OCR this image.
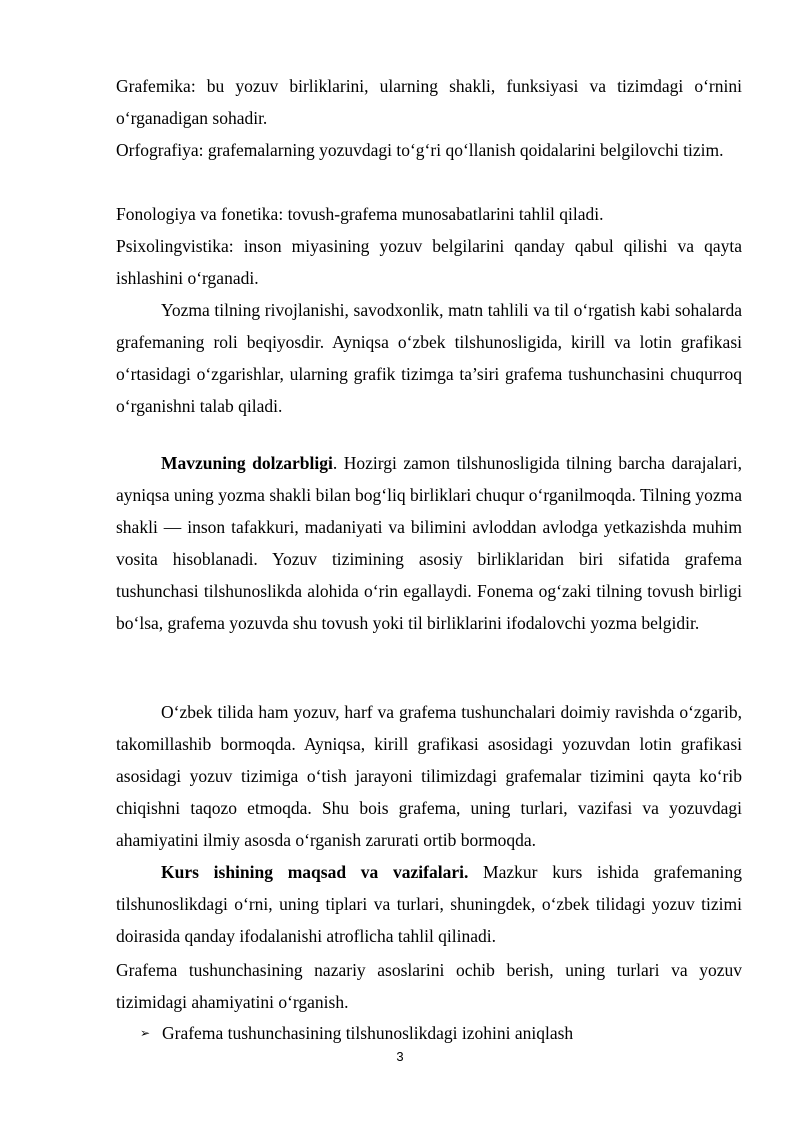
Grafemika: bu yozuv birliklarini, ularning shakli, funksiyasi va tizimdagi o‘rnini o‘rganadigan sohadir.

Orfografiya: grafemalarning yozuvdagi to‘g‘ri qo‘llanish qoidalarini belgilovchi tizim.

Fonologiya va fonetika: tovush-grafema munosabatlarini tahlil qiladi.

Psixolingvistika: inson miyasining yozuv belgilarini qanday qabul qilishi va qayta ishlashini o‘rganadi.

Yozma tilning rivojlanishi, savodxonlik, matn tahlili va til o‘rgatish kabi sohalarda grafemaning roli beqiyosdir. Ayniqsa o‘zbek tilshunosligida, kirill va lotin grafikasi o‘rtasidagi o‘zgarishlar, ularning grafik tizimga ta’siri grafema tushunchasini chuqurroq o‘rganishni talab qiladi.

Mavzuning dolzarbligi. Hozirgi zamon tilshunosligida tilning barcha darajalari, ayniqsa uning yozma shakli bilan bog‘liq birliklari chuqur o‘rganilmoqda. Tilning yozma shakli — inson tafakkuri, madaniyati va bilimini avloddan avlodga yetkazishda muhim vosita hisoblanadi. Yozuv tizimining asosiy birliklaridan biri sifatida grafema tushunchasi tilshunoslikda alohida o‘rin egallaydi. Fonema og‘zaki tilning tovush birligi bo‘lsa, grafema yozuvda shu tovush yoki til birliklarini ifodalovchi yozma belgidir.

O‘zbek tilida ham yozuv, harf va grafema tushunchalari doimiy ravishda o‘zgarib, takomillashib bormoqda. Ayniqsa, kirill grafikasi asosidagi yozuvdan lotin grafikasi asosidagi yozuv tizimiga o‘tish jarayoni tilimizdagi grafemalar tizimini qayta ko‘rib chiqishni taqozo etmoqda. Shu bois grafema, uning turlari, vazifasi va yozuvdagi ahamiyatini ilmiy asosda o‘rganish zarurati ortib bormoqda.

Kurs ishining maqsad va vazifalari. Mazkur kurs ishida grafemaning tilshunoslikdagi o‘rni, uning tiplari va turlari, shuningdek, o‘zbek tilidagi yozuv tizimi doirasida qanday ifodalanishi atroflicha tahlil qilinadi.

Grafema tushunchasining nazariy asoslarini ochib berish, uning turlari va yozuv tizimidagi ahamiyatini o‘rganish.

➢ Grafema tushunchasining tilshunoslikdagi izohini aniqlash
3
